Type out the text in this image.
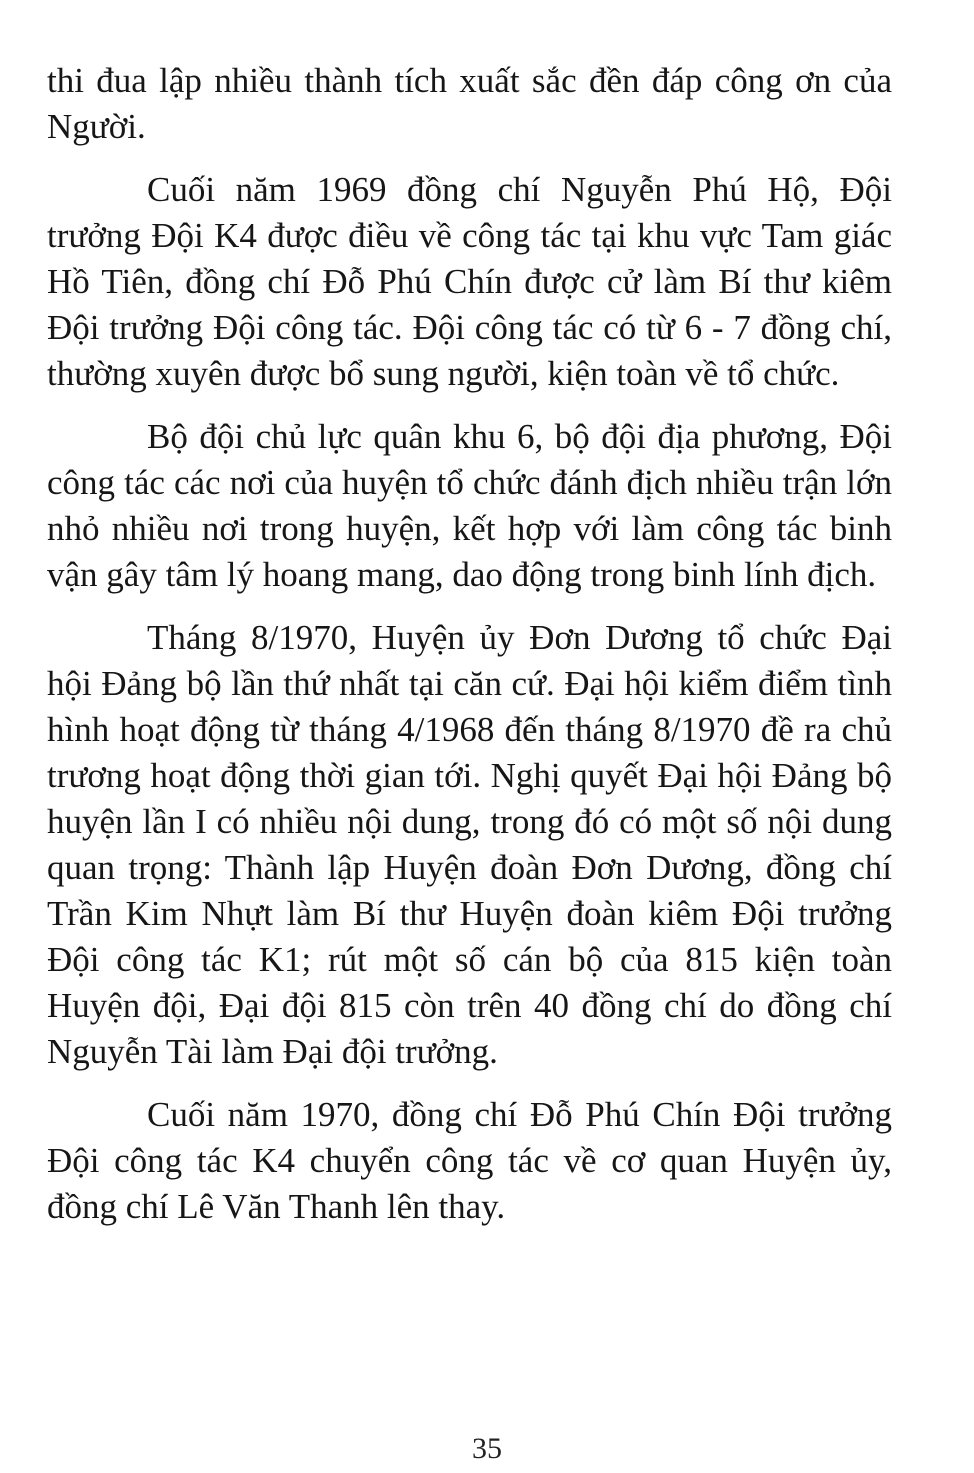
thi đua lập nhiều thành tích xuất sắc đền đáp công ơn của Người.

Cuối năm 1969 đồng chí Nguyễn Phú Hộ, Đội trưởng Đội K4 được điều về công tác tại khu vực Tam giác Hồ Tiên, đồng chí Đỗ Phú Chín được cử làm Bí thư kiêm Đội trưởng Đội công tác. Đội công tác có từ 6 - 7 đồng chí, thường xuyên được bổ sung người, kiện toàn về tổ chức.

Bộ đội chủ lực quân khu 6, bộ đội địa phương, Đội công tác các nơi của huyện tổ chức đánh địch nhiều trận lớn nhỏ nhiều nơi trong huyện, kết hợp với làm công tác binh vận gây tâm lý hoang mang, dao động trong binh lính địch.

Tháng 8/1970, Huyện ủy Đơn Dương tổ chức Đại hội Đảng bộ lần thứ nhất tại căn cứ. Đại hội kiểm điểm tình hình hoạt động từ tháng 4/1968 đến tháng 8/1970 đề ra chủ trương hoạt động thời gian tới. Nghị quyết Đại hội Đảng bộ huyện lần I có nhiều nội dung, trong đó có một số nội dung quan trọng: Thành lập Huyện đoàn Đơn Dương, đồng chí Trần Kim Nhựt làm Bí thư Huyện đoàn kiêm Đội trưởng Đội công tác K1; rút một số cán bộ của 815 kiện toàn Huyện đội, Đại đội 815 còn trên 40 đồng chí do đồng chí Nguyễn Tài làm Đại đội trưởng.

Cuối năm 1970, đồng chí Đỗ Phú Chín Đội trưởng Đội công tác K4 chuyển công tác về cơ quan Huyện ủy, đồng chí Lê Văn Thanh lên thay.

35
